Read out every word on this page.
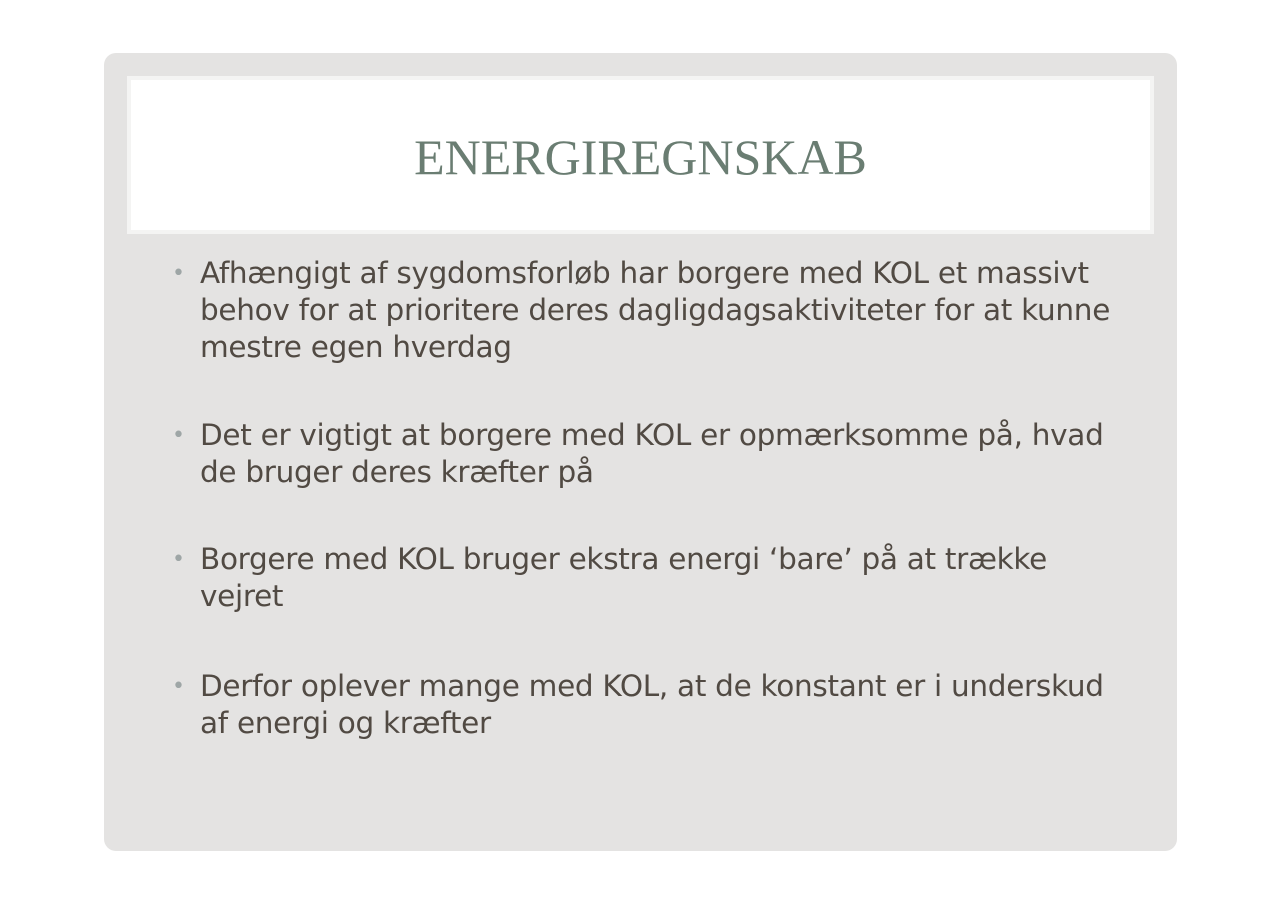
ENERGIREGNSKAB
• Afhængigt af sygdomsforløb har borgere med KOL et massivt behov for at prioritere deres dagligdagsaktiviteter for at kunne mestre egen hverdag
• Det er vigtigt at borgere med KOL er opmærksomme på, hvad de bruger deres kræfter på
• Borgere med KOL bruger ekstra energi ‘bare’ på at trække vejret
• Derfor oplever mange med KOL, at de konstant er i underskud af energi og kræfter
